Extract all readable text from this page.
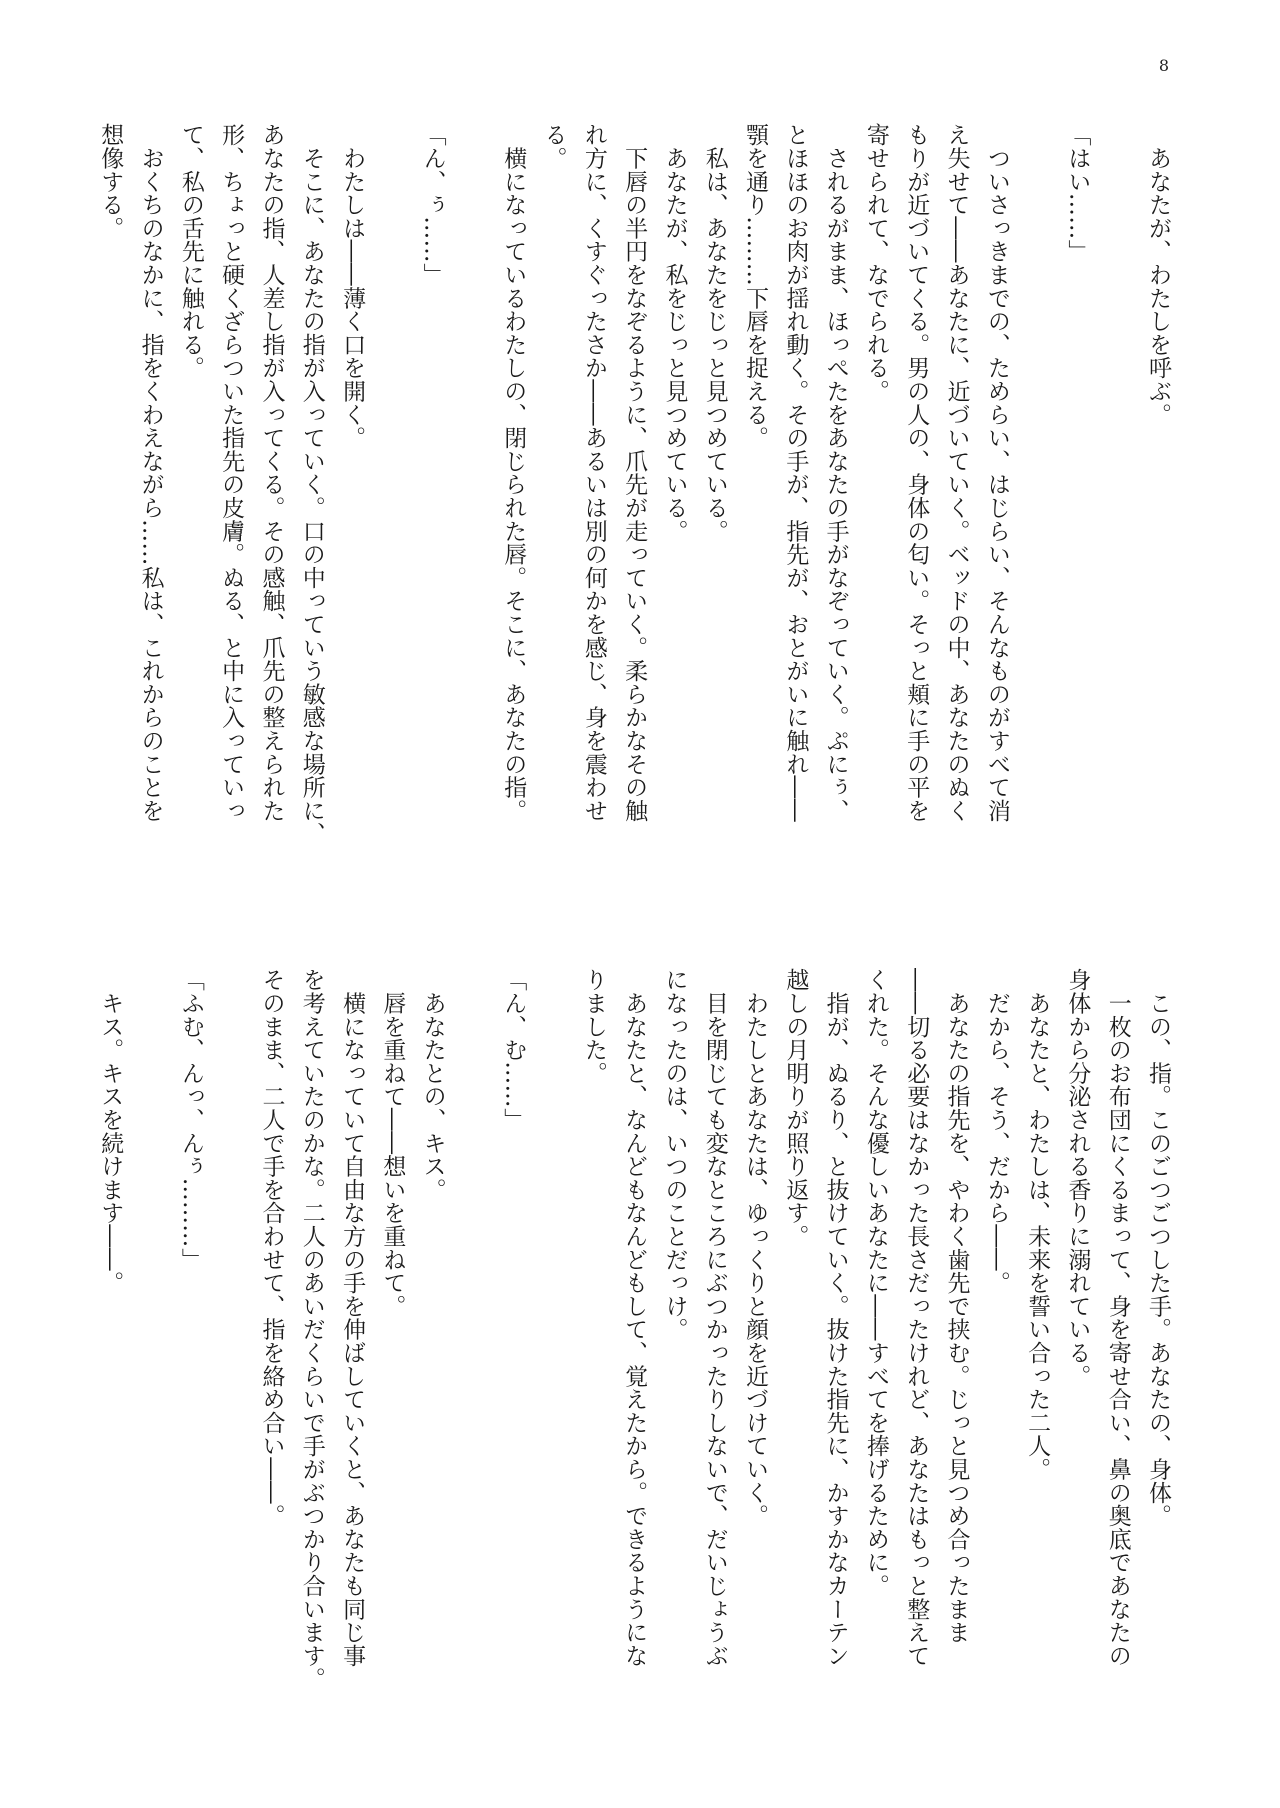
8
　あなたが、わたしを呼ぶ。
「はい……」
　ついさっきまでの、ためらい、はじらい、そんなものがすべて消
え失せて――あなたに、近づいていく。ベッドの中、あなたのぬく
もりが近づいてくる。男の人の、身体の匂い。そっと頬に手の平を
寄せられて、なでられる。
　されるがまま、ほっぺたをあなたの手がなぞっていく。ぷにぅ、
とほほのお肉が揺れ動く。その手が、指先が、おとがいに触れ――
顎を通り………下唇を捉える。
　私は、あなたをじっと見つめている。
　あなたが、私をじっと見つめている。
　下唇の半円をなぞるように、爪先が走っていく。柔らかなその触
れ方に、くすぐったさか――あるいは別の何かを感じ、身を震わせ
る。
　横になっているわたしの、閉じられた唇。そこに、あなたの指。
「ん、ぅ……」
　わたしは――薄く口を開く。
　そこに、あなたの指が入っていく。口の中っていう敏感な場所に、
あなたの指、人差し指が入ってくる。その感触、爪先の整えられた
形、ちょっと硬くざらついた指先の皮膚。ぬる、と中に入っていっ
て、私の舌先に触れる。
　おくちのなかに、指をくわえながら……私は、これからのことを
想像する。
　この、指。このごつごつした手。あなたの、身体。
　一枚のお布団にくるまって、身を寄せ合い、鼻の奥底であなたの
身体から分泌される香りに溺れている。
　あなたと、わたしは、未来を誓い合った二人。
　だから、そう、だから――。
　あなたの指先を、やわく歯先で挟む。じっと見つめ合ったまま
――切る必要はなかった長さだったけれど、あなたはもっと整えて
くれた。そんな優しいあなたに――すべてを捧げるために。
　指が、ぬるり、と抜けていく。抜けた指先に、かすかなカーテン
越しの月明りが照り返す。
　わたしとあなたは、ゆっくりと顔を近づけていく。
　目を閉じても変なところにぶつかったりしないで、だいじょうぶ
になったのは、いつのことだっけ。
　あなたと、なんどもなんどもして、覚えたから。できるようにな
りました。
「ん、む……」
　あなたとの、キス。
　唇を重ねて――想いを重ねて。
　横になっていて自由な方の手を伸ばしていくと、あなたも同じ事
を考えていたのかな。二人のあいだくらいで手がぶつかり合います。
そのまま、二人で手を合わせて、指を絡め合い――。
「ふむ、んっ、んぅ………」
　キス。キスを続けます――。
